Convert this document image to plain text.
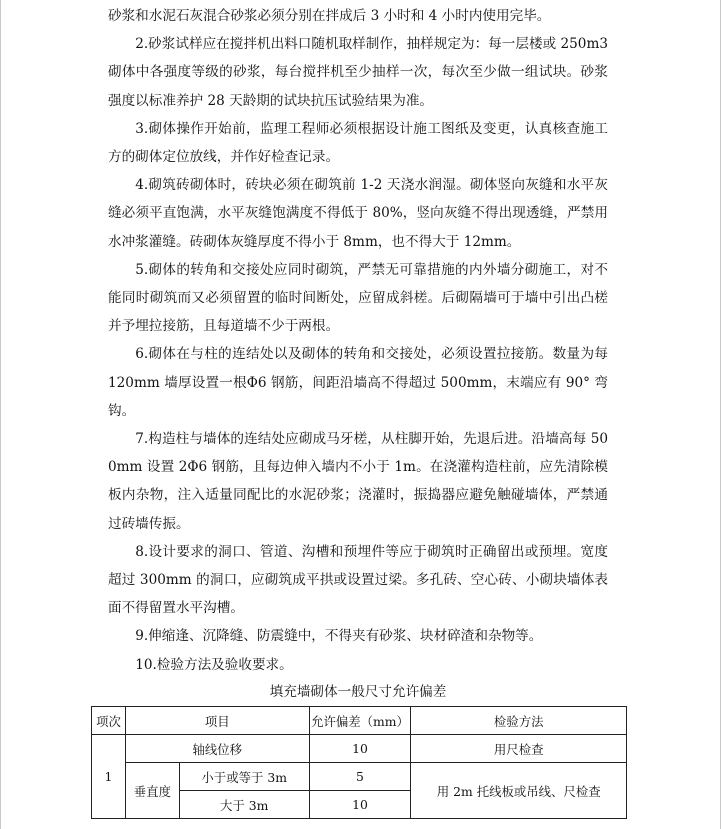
砂浆和水泥石灰混合砂浆必须分别在拌成后 3 小时和 4 小时内使用完毕。

2.砂浆试样应在搅拌机出料口随机取样制作，抽样规定为：每一层楼或 250m3 砌体中各强度等级的砂浆，每台搅拌机至少抽样一次，每次至少做一组试块。砂浆强度以标准养护 28 天龄期的试块抗压试验结果为准。

3.砌体操作开始前，监理工程师必须根据设计施工图纸及变更，认真核查施工方的砌体定位放线，并作好检查记录。

4.砌筑砖砌体时，砖块必须在砌筑前 1-2 天浇水润湿。砌体竖向灰缝和水平灰缝必须平直饱满，水平灰缝饱满度不得低于 80%，竖向灰缝不得出现透缝，严禁用水冲浆灌缝。砖砌体灰缝厚度不得小于 8mm，也不得大于 12mm。

5.砌体的转角和交接处应同时砌筑，严禁无可靠措施的内外墙分砌施工，对不能同时砌筑而又必须留置的临时间断处，应留成斜槎。后砌隔墙可于墙中引出凸槎并予埋拉接筋，且每道墙不少于两根。

6.砌体在与柱的连结处以及砌体的转角和交接处，必须设置拉接筋。数量为每 120mm 墙厚设置一根Φ6 钢筋，间距沿墙高不得超过 500mm，末端应有 90° 弯钩。

7.构造柱与墙体的连结处应砌成马牙槎，从柱脚开始，先退后进。沿墙高每 500mm 设置 2Φ6 钢筋，且每边伸入墙内不小于 1m。在浇灌构造柱前，应先清除模板内杂物，注入适量同配比的水泥砂浆；浇灌时，振捣器应避免触碰墙体，严禁通过砖墙传振。

8.设计要求的洞口、管道、沟槽和预埋件等应于砌筑时正确留出或预埋。宽度超过 300mm 的洞口，应砌筑成平拱或设置过梁。多孔砖、空心砖、小砌块墙体表面不得留置水平沟槽。

9.伸缩逢、沉降缝、防震缝中，不得夹有砂浆、块材碎渣和杂物等。

10.检验方法及验收要求。

填充墙砌体一般尺寸允许偏差
项次	项目		允许偏差（mm）	检验方法
1	轴线位移		10	用尺检查
	垂直度	小于或等于 3m	5	用 2m 托线板或吊线、尺检查
		大于 3m	10	
